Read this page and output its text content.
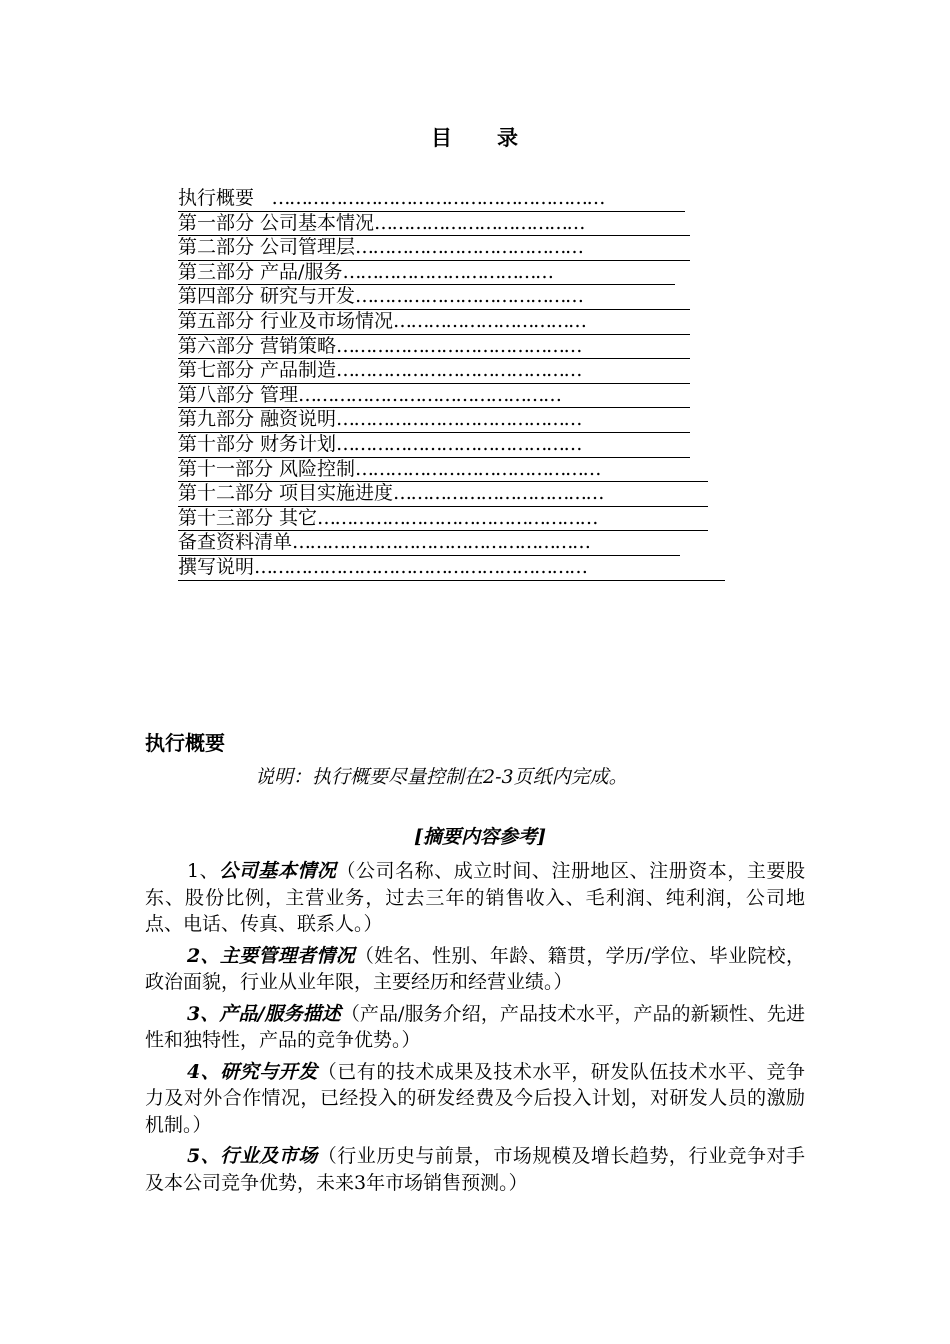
目 录
执行概要　…………………………………………………
第一部分 公司基本情况………………………………
第二部分 公司管理层…………………………………
第三部分 产品/服务………………………………
第四部分 研究与开发…………………………………
第五部分 行业及市场情况……………………………
第六部分 营销策略……………………………………
第七部分 产品制造……………………………………
第八部分 管理………………………………………
第九部分 融资说明……………………………………
第十部分 财务计划……………………………………
第十一部分 风险控制……………………………………
第十二部分 项目实施进度………………………………
第十三部分 其它…………………………………………
备查资料清单……………………………………………
撰写说明…………………………………………………
执行概要
说明：执行概要尽量控制在2-3页纸内完成。
[摘要内容参考]

1、公司基本情况（公司名称、成立时间、注册地区、注册资本，主要股东、股份比例，主营业务，过去三年的销售收入、毛利润、纯利润，公司地点、电话、传真、联系人。）

2、主要管理者情况（姓名、性别、年龄、籍贯，学历/学位、毕业院校，政治面貌，行业从业年限，主要经历和经营业绩。）

3、产品/服务描述（产品/服务介绍，产品技术水平，产品的新颖性、先进性和独特性，产品的竞争优势。）

4、研究与开发（已有的技术成果及技术水平，研发队伍技术水平、竞争力及对外合作情况，已经投入的研发经费及今后投入计划，对研发人员的激励机制。）

5、行业及市场（行业历史与前景，市场规模及增长趋势，行业竞争对手及本公司竞争优势，未来3年市场销售预测。）
